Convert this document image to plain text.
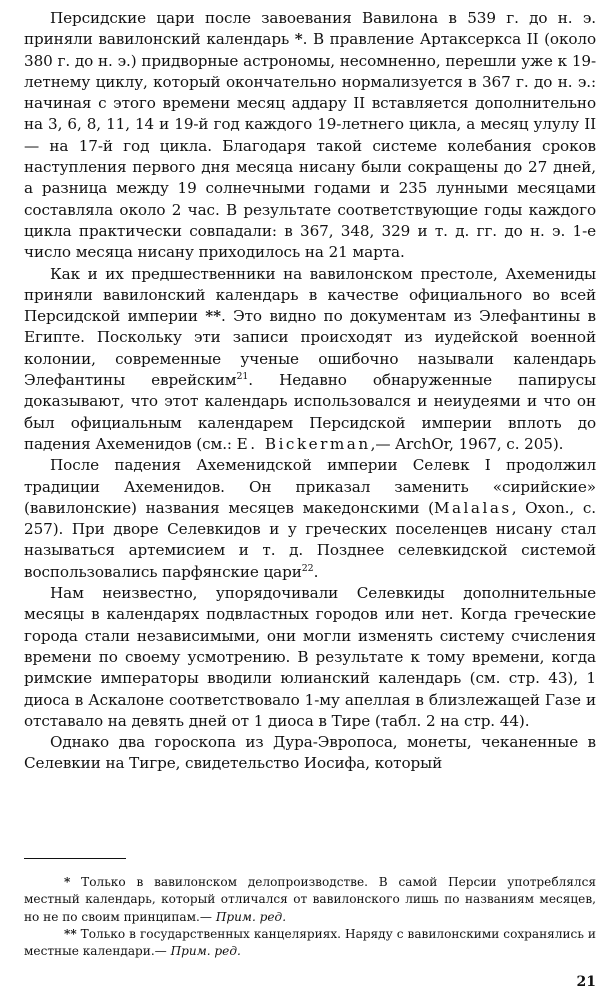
Персидские цари после завоевания Вавилона в 539 г. до н. э. приняли вавилонский календарь *. В правление Артаксеркса II (около 380 г. до н. э.) придворные астрономы, несомненно, перешли уже к 19-летнему циклу, который окончательно нормализуется в 367 г. до н. э.: начиная с этого времени месяц аддару II вставляется дополнительно на 3, 6, 8, 11, 14 и 19-й год каждого 19-летнего цикла, а месяц улулу II — на 17-й год цикла. Благодаря такой системе колебания сроков наступления первого дня месяца нисану были сокращены до 27 дней, а разница между 19 солнечными годами и 235 лунными месяцами составляла около 2 час. В результате соответствующие годы каждого цикла практически совпадали: в 367, 348, 329 и т. д. гг. до н. э. 1-е число месяца нисану приходилось на 21 марта.

Как и их предшественники на вавилонском престоле, Ахемениды приняли вавилонский календарь в качестве официального во всей Персидской империи **. Это видно по документам из Элефантины в Египте. Поскольку эти записи происходят из иудейской военной колонии, современные ученые ошибочно называли календарь Элефантины еврейским$^{21}$. Недавно обнаруженные папирусы доказывают, что этот календарь использовался и неиудеями и что он был официальным календарем Персидской империи вплоть до падения Ахеменидов (см.: E. Bickerman,— ArchOr, 1967, c. 205).

После падения Ахеменидской империи Селевк I продолжил традиции Ахеменидов. Он приказал заменить «сирийские» (вавилонские) названия месяцев македонскими (Malalas, Oxon., c. 257). При дворе Селевкидов и у греческих поселенцев нисану стал называться артемисием и т. д. Позднее селевкидской системой воспользовались парфянские цари$^{22}$.

Нам неизвестно, упорядочивали Селевкиды дополнительные месяцы в календарях подвластных городов или нет. Когда греческие города стали независимыми, они могли изменять систему счисления времени по своему усмотрению. В результате к тому времени, когда римские императоры вводили юлианский календарь (см. стр. 43), 1 диоса в Аскалоне соответствовало 1-му апеллая в близлежащей Газе и отставало на девять дней от 1 диоса в Тире (табл. 2 на стр. 44).

Однако два гороскопа из Дура-Эвропоса, монеты, чеканенные в Селевкии на Тигре, свидетельство Иосифа, который

* Только в вавилонском делопроизводстве. В самой Персии употреблялся местный календарь, который отличался от вавилонского лишь по названиям месяцев, но не по своим принципам.— Прим. ред.

** Только в государственных канцеляриях. Наряду с вавилонскими сохранялись и местные календари.— Прим. ред.

21
